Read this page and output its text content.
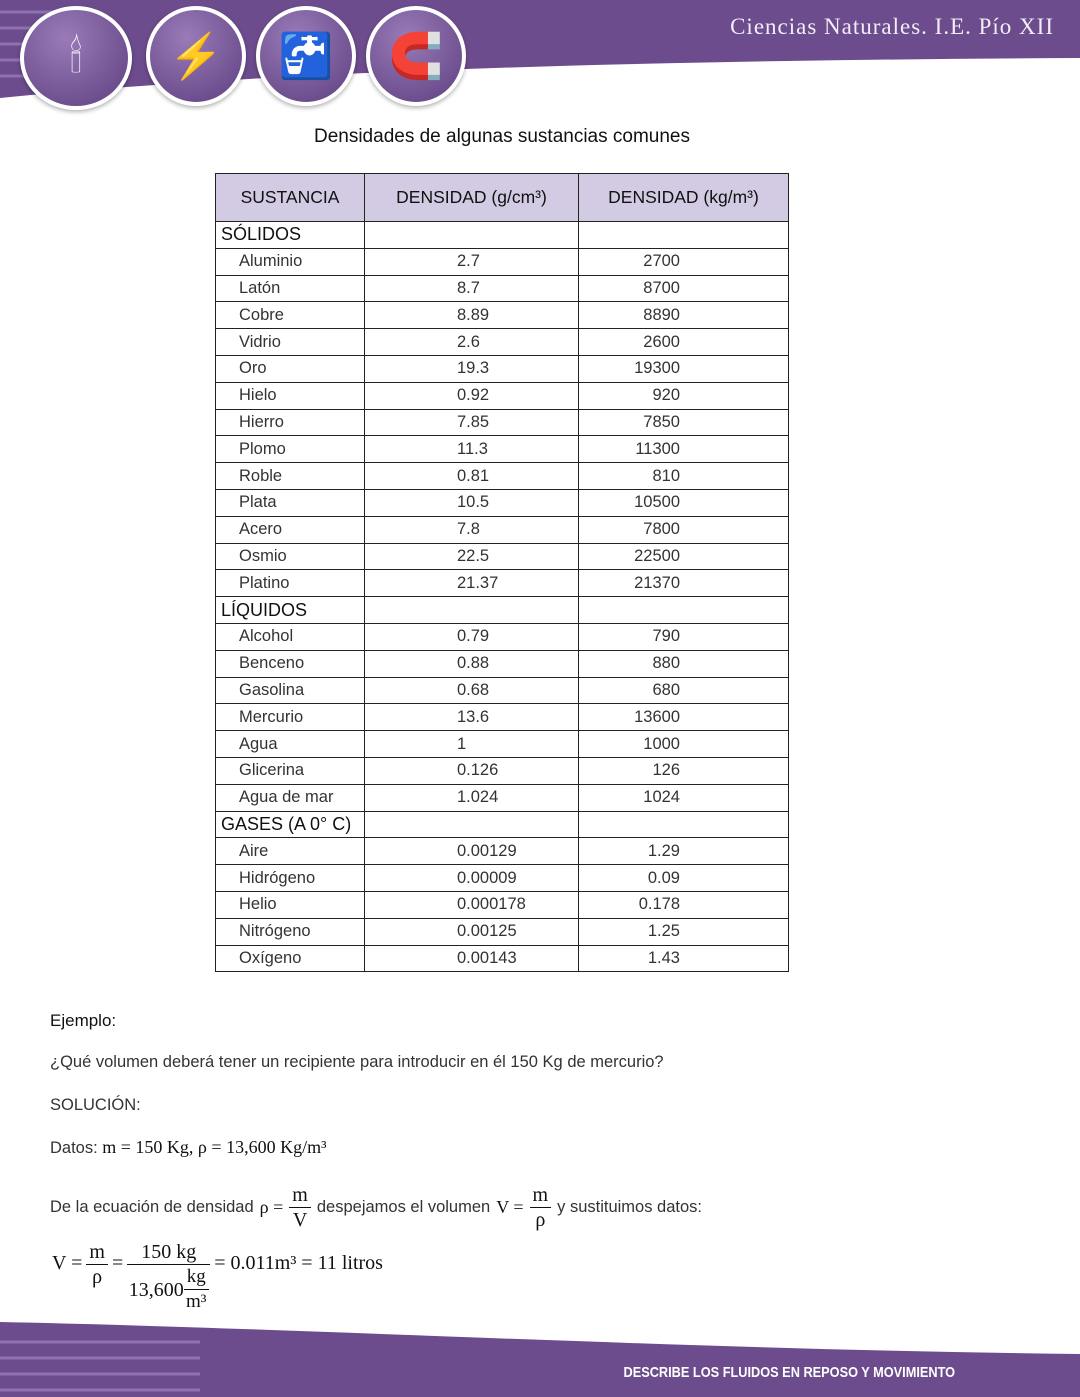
Ciencias Naturales. I.E. Pío XII
🕯	⚡	🚰	🧲
Densidades de algunas sustancias comunes
SUSTANCIA	DENSIDAD (g/cm³)	DENSIDAD (kg/m³)
SÓLIDOS		
Aluminio	2.7	2700
Latón	8.7	8700
Cobre	8.89	8890
Vidrio	2.6	2600
Oro	19.3	19300
Hielo	0.92	920
Hierro	7.85	7850
Plomo	11.3	11300
Roble	0.81	810
Plata	10.5	10500
Acero	7.8	7800
Osmio	22.5	22500
Platino	21.37	21370
LÍQUIDOS		
Alcohol	0.79	790
Benceno	0.88	880
Gasolina	0.68	680
Mercurio	13.6	13600
Agua	1	1000
Glicerina	0.126	126
Agua de mar	1.024	1024
GASES (A 0° C)		
Aire	0.00129	1.29
Hidrógeno	0.00009	0.09
Helio	0.000178	0.178
Nitrógeno	0.00125	1.25
Oxígeno	0.00143	1.43
Ejemplo:
¿Qué volumen deberá tener un recipiente para introducir en él 150 Kg de mercurio?
SOLUCIÓN:
Datos: m = 150 Kg, ρ = 13,600 Kg/m³
De la ecuación de densidad $\rho = \frac{m}{V}$ despejamos el volumen $V = \frac{m}{\rho}$ y sustituimos datos:
$V = \frac{m}{\rho} = \frac{150 kg}{13,600 \frac{kg}{\text{m³}}} = 0.011m^3 = 11$ litros
DESCRIBE LOS FLUIDOS EN REPOSO Y MOVIMIENTO
